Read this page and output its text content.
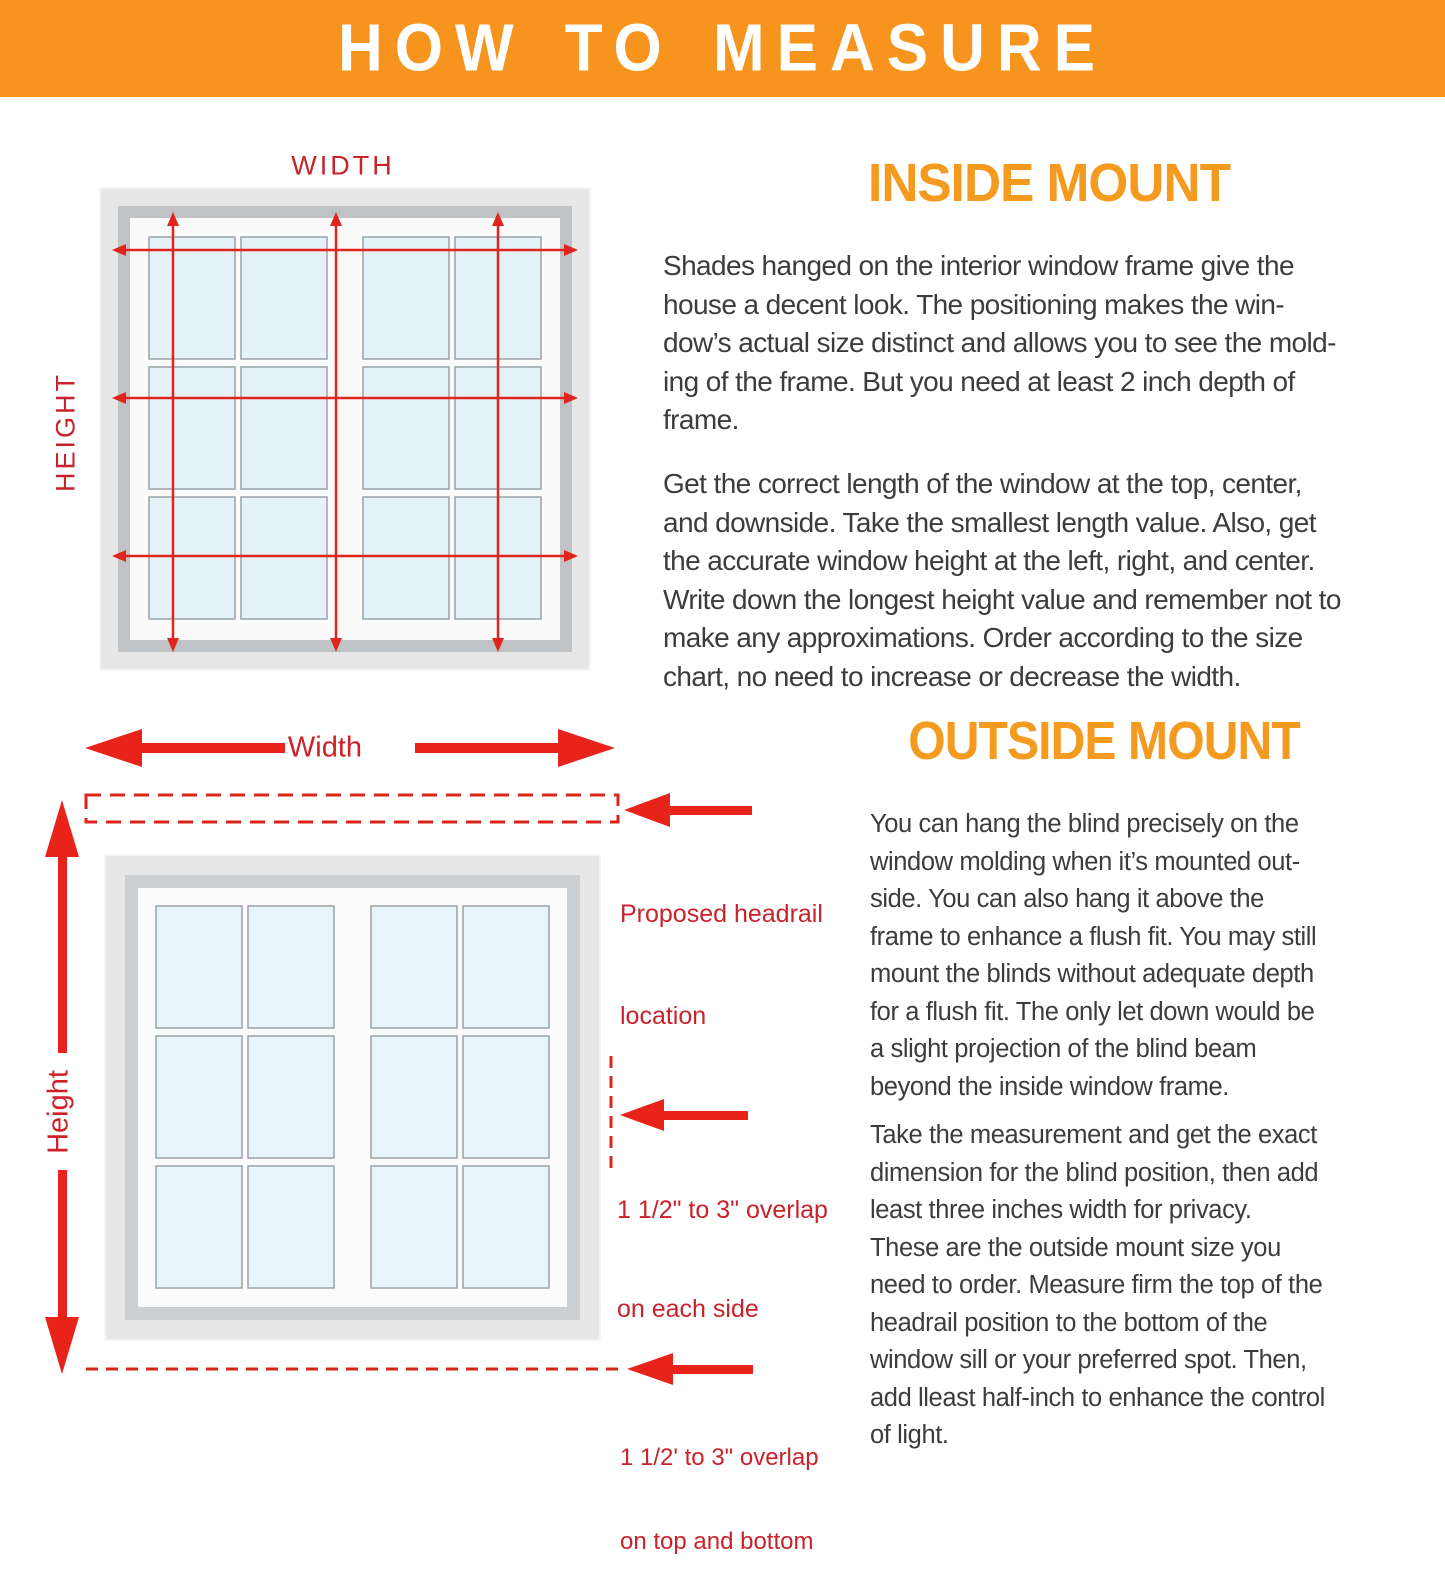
HOW TO MEASURE
WIDTH
HEIGHT
Width
Height

Proposed headrail

location

1 1/2" to 3" overlap

on each side

1 1/2' to 3" overlap

on top and bottom

INSIDE MOUNT
Shades hanged on the interior window frame give the
house a decent look. The positioning makes the win-
dow’s actual size distinct and allows you to see the mold-
ing of the frame. But you need at least 2 inch depth of
frame.
Get the correct length of the window at the top, center,
and downside. Take the smallest length value. Also, get
the accurate window height at the left, right, and center.
Write down the longest height value and remember not to
make any approximations. Order according to the size
chart, no need to increase or decrease the width.
OUTSIDE MOUNT
You can hang the blind precisely on the
window molding when it’s mounted out-
side. You can also hang it above the
frame to enhance a flush fit. You may still
mount the blinds without adequate depth
for a flush fit. The only let down would be
a slight projection of the blind beam
beyond the inside window frame.
Take the measurement and get the exact
dimension for the blind position, then add
least three inches width for privacy.
These are the outside mount size you
need to order. Measure firm the top of the
headrail position to the bottom of the
window sill or your preferred spot. Then,
add lleast half-inch to enhance the control
of light.
